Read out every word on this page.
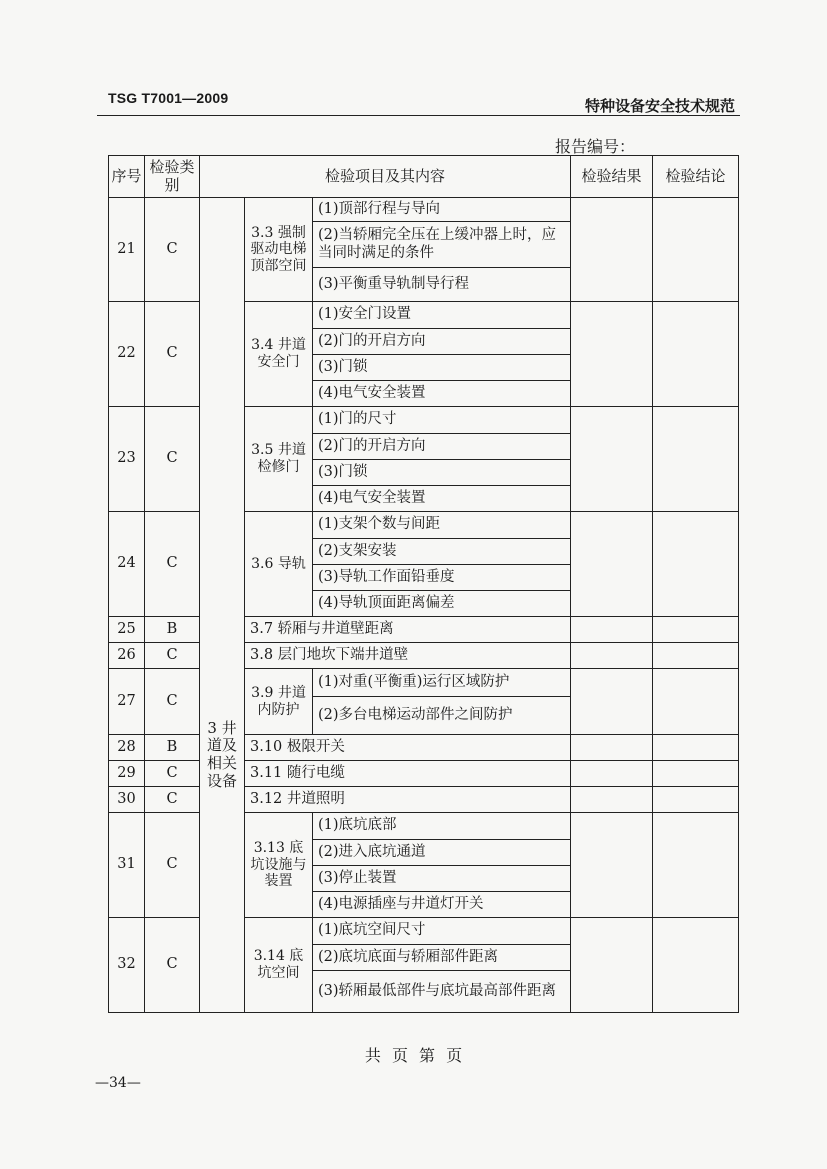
TSG T7001—2009	特种设备安全技术规范
报告编号：
序号	检验类别	检验项目及其内容			检验结果	检验结论
21	C	3 井道及相关设备	3.3 强制驱动电梯顶部空间	(1)顶部行程与导向		
				(2)当轿厢完全压在上缓冲器上时，应当同时满足的条件		
				(3)平衡重导轨制导行程		
22	C		3.4 井道安全门	(1)安全门设置		
				(2)门的开启方向		
				(3)门锁		
				(4)电气安全装置		
23	C		3.5 井道检修门	(1)门的尺寸		
				(2)门的开启方向		
				(3)门锁		
				(4)电气安全装置		
24	C		3.6 导轨	(1)支架个数与间距		
				(2)支架安装		
				(3)导轨工作面铅垂度		
				(4)导轨顶面距离偏差		
25	B		3.7 轿厢与井道壁距离			
26	C		3.8 层门地坎下端井道壁			
27	C		3.9 井道内防护	(1)对重(平衡重)运行区域防护		
				(2)多台电梯运动部件之间防护		
28	B		3.10 极限开关			
29	C		3.11 随行电缆			
30	C		3.12 井道照明			
31	C		3.13 底坑设施与装置	(1)底坑底部		
				(2)进入底坑通道		
				(3)停止装置		
				(4)电源插座与井道灯开关		
32	C		3.14 底坑空间	(1)底坑空间尺寸		
				(2)底坑底面与轿厢部件距离		
				(3)轿厢最低部件与底坑最高部件距离		
共 页 第 页
—34—
